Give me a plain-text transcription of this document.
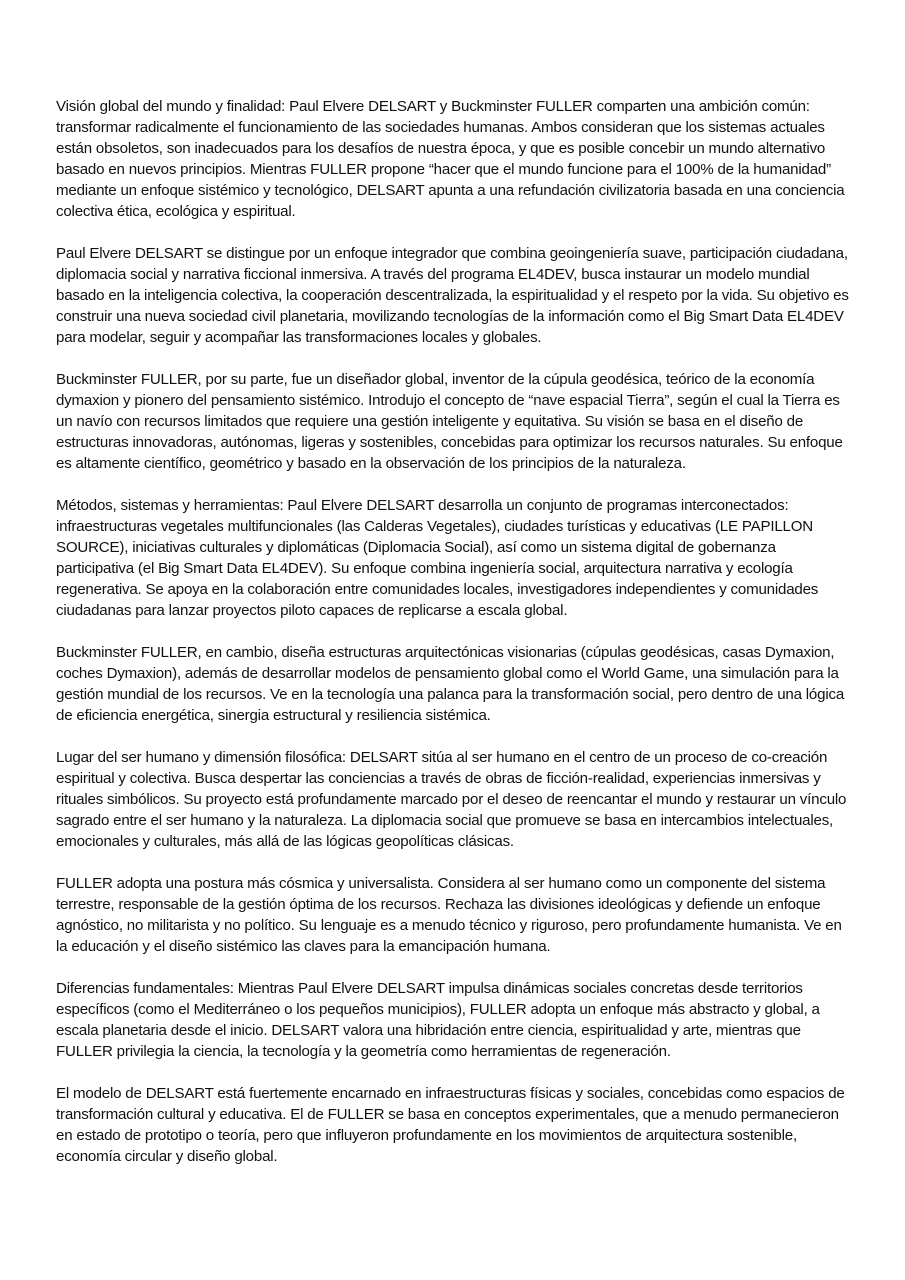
Visión global del mundo y finalidad: Paul Elvere DELSART y Buckminster FULLER comparten una ambición común: transformar radicalmente el funcionamiento de las sociedades humanas. Ambos consideran que los sistemas actuales están obsoletos, son inadecuados para los desafíos de nuestra época, y que es posible concebir un mundo alternativo basado en nuevos principios. Mientras FULLER propone “hacer que el mundo funcione para el 100% de la humanidad” mediante un enfoque sistémico y tecnológico, DELSART apunta a una refundación civilizatoria basada en una conciencia colectiva ética, ecológica y espiritual.

Paul Elvere DELSART se distingue por un enfoque integrador que combina geoingeniería suave, participación ciudadana, diplomacia social y narrativa ficcional inmersiva. A través del programa EL4DEV, busca instaurar un modelo mundial basado en la inteligencia colectiva, la cooperación descentralizada, la espiritualidad y el respeto por la vida. Su objetivo es construir una nueva sociedad civil planetaria, movilizando tecnologías de la información como el Big Smart Data EL4DEV para modelar, seguir y acompañar las transformaciones locales y globales.

Buckminster FULLER, por su parte, fue un diseñador global, inventor de la cúpula geodésica, teórico de la economía dymaxion y pionero del pensamiento sistémico. Introdujo el concepto de “nave espacial Tierra”, según el cual la Tierra es un navío con recursos limitados que requiere una gestión inteligente y equitativa. Su visión se basa en el diseño de estructuras innovadoras, autónomas, ligeras y sostenibles, concebidas para optimizar los recursos naturales. Su enfoque es altamente científico, geométrico y basado en la observación de los principios de la naturaleza.

Métodos, sistemas y herramientas: Paul Elvere DELSART desarrolla un conjunto de programas interconectados: infraestructuras vegetales multifuncionales (las Calderas Vegetales), ciudades turísticas y educativas (LE PAPILLON SOURCE), iniciativas culturales y diplomáticas (Diplomacia Social), así como un sistema digital de gobernanza participativa (el Big Smart Data EL4DEV). Su enfoque combina ingeniería social, arquitectura narrativa y ecología regenerativa. Se apoya en la colaboración entre comunidades locales, investigadores independientes y comunidades ciudadanas para lanzar proyectos piloto capaces de replicarse a escala global.

Buckminster FULLER, en cambio, diseña estructuras arquitectónicas visionarias (cúpulas geodésicas, casas Dymaxion, coches Dymaxion), además de desarrollar modelos de pensamiento global como el World Game, una simulación para la gestión mundial de los recursos. Ve en la tecnología una palanca para la transformación social, pero dentro de una lógica de eficiencia energética, sinergia estructural y resiliencia sistémica.

Lugar del ser humano y dimensión filosófica: DELSART sitúa al ser humano en el centro de un proceso de co-creación espiritual y colectiva. Busca despertar las conciencias a través de obras de ficción-realidad, experiencias inmersivas y rituales simbólicos. Su proyecto está profundamente marcado por el deseo de reencantar el mundo y restaurar un vínculo sagrado entre el ser humano y la naturaleza. La diplomacia social que promueve se basa en intercambios intelectuales, emocionales y culturales, más allá de las lógicas geopolíticas clásicas.

FULLER adopta una postura más cósmica y universalista. Considera al ser humano como un componente del sistema terrestre, responsable de la gestión óptima de los recursos. Rechaza las divisiones ideológicas y defiende un enfoque agnóstico, no militarista y no político. Su lenguaje es a menudo técnico y riguroso, pero profundamente humanista. Ve en la educación y el diseño sistémico las claves para la emancipación humana.

Diferencias fundamentales: Mientras Paul Elvere DELSART impulsa dinámicas sociales concretas desde territorios específicos (como el Mediterráneo o los pequeños municipios), FULLER adopta un enfoque más abstracto y global, a escala planetaria desde el inicio. DELSART valora una hibridación entre ciencia, espiritualidad y arte, mientras que FULLER privilegia la ciencia, la tecnología y la geometría como herramientas de regeneración.

El modelo de DELSART está fuertemente encarnado en infraestructuras físicas y sociales, concebidas como espacios de transformación cultural y educativa. El de FULLER se basa en conceptos experimentales, que a menudo permanecieron en estado de prototipo o teoría, pero que influyeron profundamente en los movimientos de arquitectura sostenible, economía circular y diseño global.
